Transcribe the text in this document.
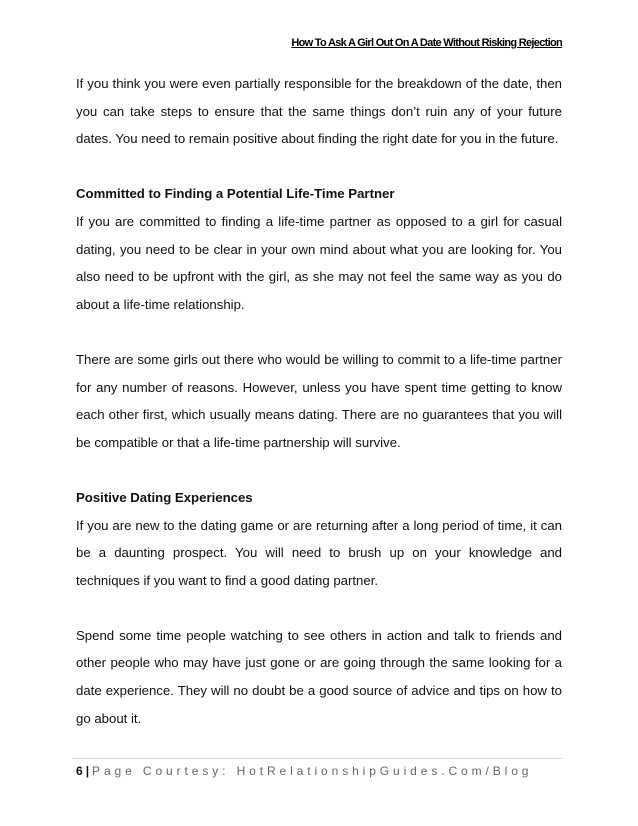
How To Ask A Girl Out On A Date Without Risking Rejection

If you think you were even partially responsible for the breakdown of the date, then you can take steps to ensure that the same things don’t ruin any of your future dates. You need to remain positive about finding the right date for you in the future.

Committed to Finding a Potential Life-Time Partner

If you are committed to finding a life-time partner as opposed to a girl for casual dating, you need to be clear in your own mind about what you are looking for. You also need to be upfront with the girl, as she may not feel the same way as you do about a life-time relationship.

There are some girls out there who would be willing to commit to a life-time partner for any number of reasons. However, unless you have spent time getting to know each other first, which usually means dating. There are no guarantees that you will be compatible or that a life-time partnership will survive.

Positive Dating Experiences

If you are new to the dating game or are returning after a long period of time, it can be a daunting prospect. You will need to brush up on your knowledge and techniques if you want to find a good dating partner.

Spend some time people watching to see others in action and talk to friends and other people who may have just gone or are going through the same looking for a date experience. They will no doubt be a good source of advice and tips on how to go about it.

6 | Page Courtesy: HotRelationshipGuides.Com/Blog
